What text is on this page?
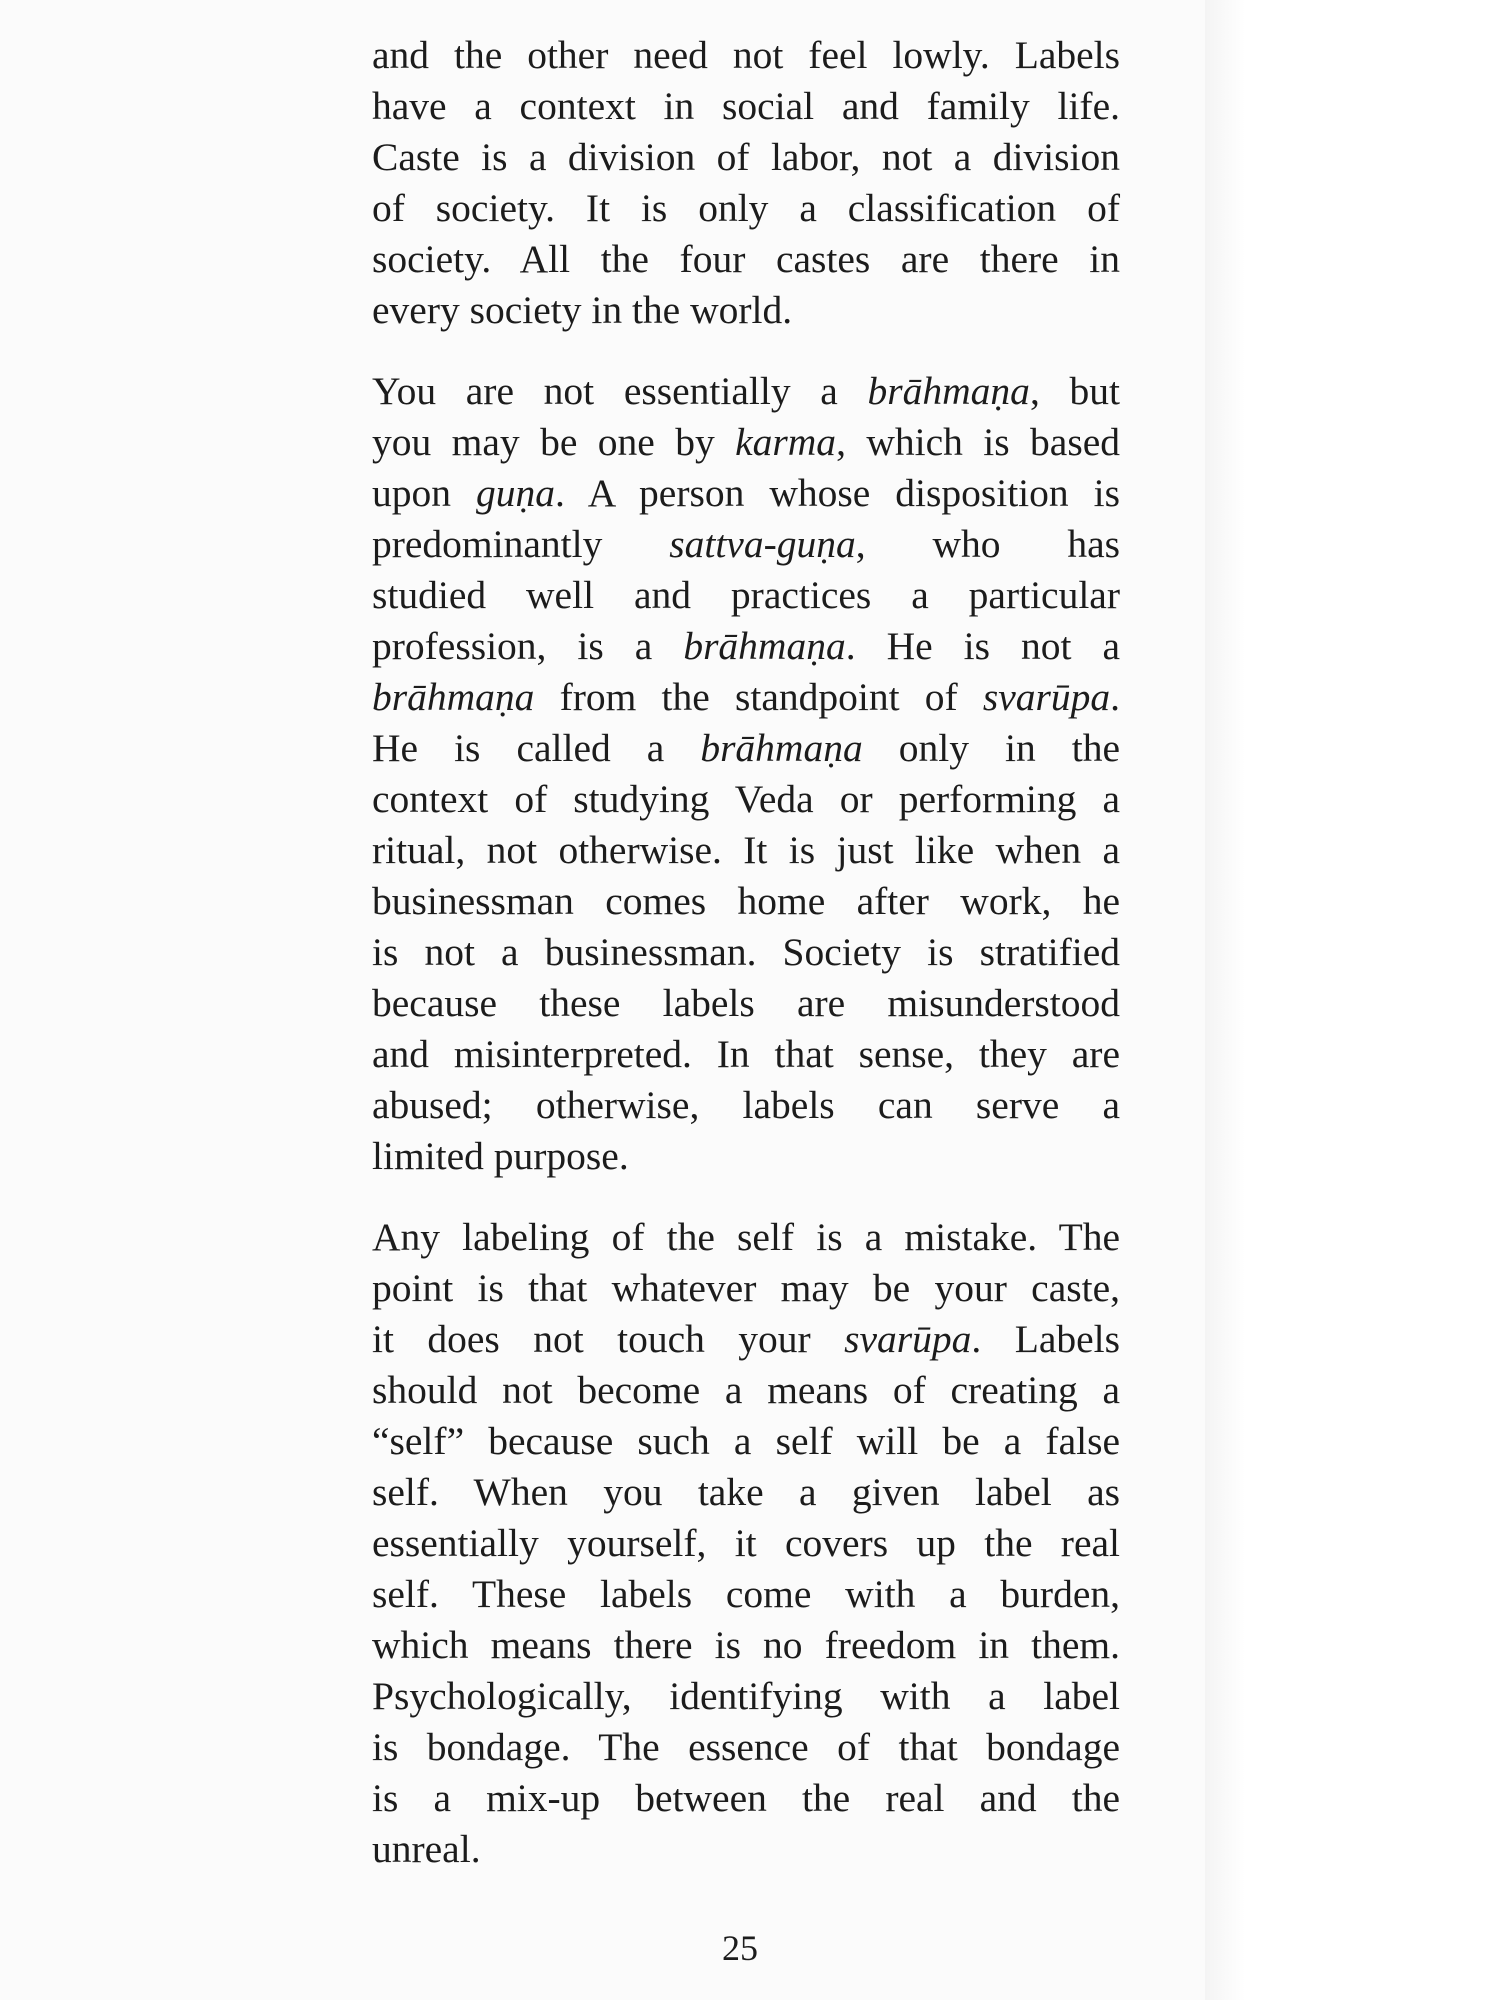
and the other need not feel lowly. Labels
have a context in social and family life.
Caste is a division of labor, not a division
of society. It is only a classification of
society. All the four castes are there in
every society in the world.
You are not essentially a brāhmaṇa, but
you may be one by karma, which is based
upon guṇa. A person whose disposition is
predominantly sattva-guṇa, who has
studied well and practices a particular
profession, is a brāhmaṇa. He is not a
brāhmaṇa from the standpoint of svarūpa.
He is called a brāhmaṇa only in the
context of studying Veda or performing a
ritual, not otherwise. It is just like when a
businessman comes home after work, he
is not a businessman. Society is stratified
because these labels are misunderstood
and misinterpreted. In that sense, they are
abused; otherwise, labels can serve a
limited purpose.
Any labeling of the self is a mistake. The
point is that whatever may be your caste,
it does not touch your svarūpa. Labels
should not become a means of creating a
“self” because such a self will be a false
self. When you take a given label as
essentially yourself, it covers up the real
self. These labels come with a burden,
which means there is no freedom in them.
Psychologically, identifying with a label
is bondage. The essence of that bondage
is a mix-up between the real and the
unreal.
25
